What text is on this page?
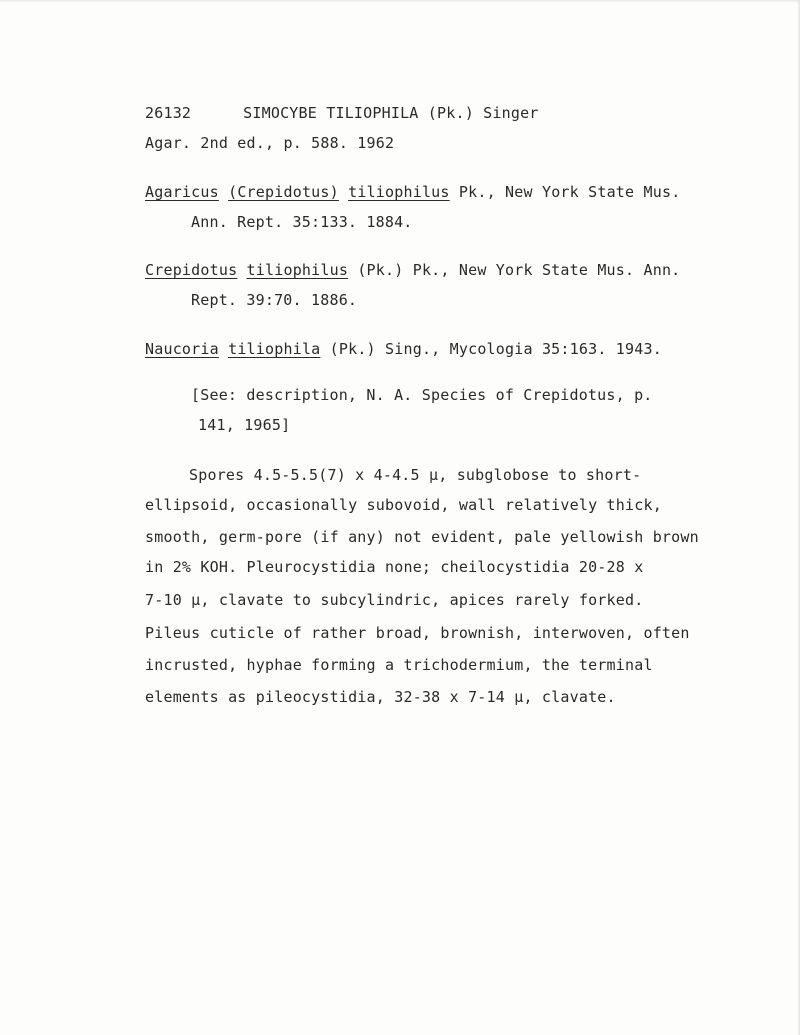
26132	SIMOCYBE TILIOPHILA (Pk.) Singer
Agar. 2nd ed., p. 588. 1962
Agaricus (Crepidotus) tiliophilus Pk., New York State Mus.
Ann. Rept. 35:133. 1884.
Crepidotus tiliophilus (Pk.) Pk., New York State Mus. Ann.
Rept. 39:70. 1886.
Naucoria tiliophila (Pk.) Sing., Mycologia 35:163. 1943.
[See: description, N. A. Species of Crepidotus, p.
141, 1965]
Spores 4.5-5.5(7) x 4-4.5 µ, subglobose to short-
ellipsoid, occasionally subovoid, wall relatively thick,
smooth, germ-pore (if any) not evident, pale yellowish brown
in 2% KOH. Pleurocystidia none; cheilocystidia 20-28 x
7-10 µ, clavate to subcylindric, apices rarely forked.
Pileus cuticle of rather broad, brownish, interwoven, often
incrusted, hyphae forming a trichodermium, the terminal
elements as pileocystidia, 32-38 x 7-14 µ, clavate.
